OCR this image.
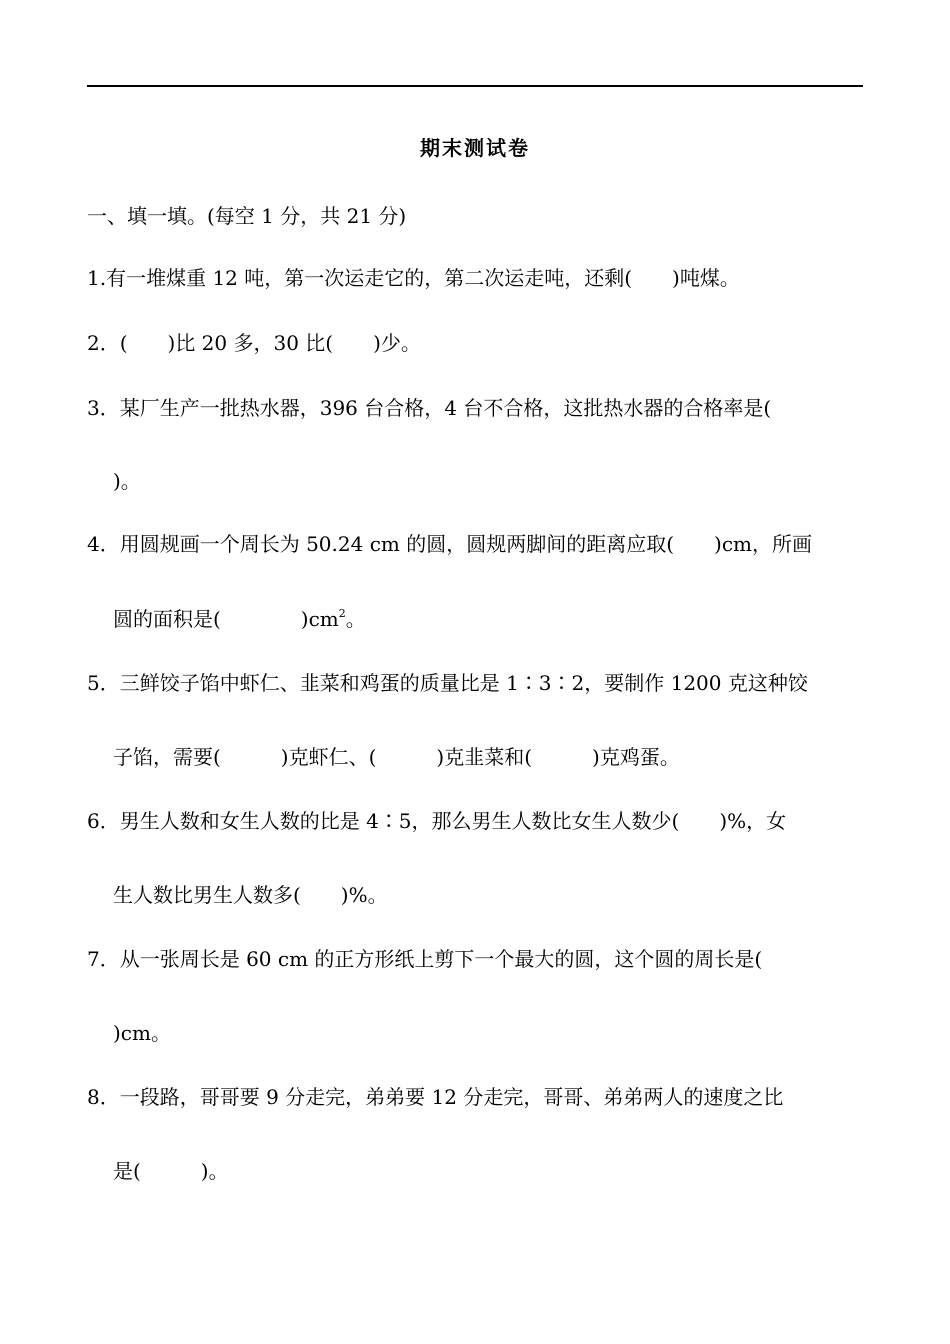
期末测试卷
一、填一填。(每空 1 分，共 21 分)
1.有一堆煤重 12 吨，第一次运走它的，第二次运走吨，还剩(　　)吨煤。
2．(　　)比 20 多，30 比(　　)少。
3．某厂生产一批热水器，396 台合格，4 台不合格，这批热水器的合格率是(
)。
4．用圆规画一个周长为 50.24 cm 的圆，圆规两脚间的距离应取(　　)cm，所画
圆的面积是(　　　　)$cm^2$。
5．三鲜饺子馅中虾仁、韭菜和鸡蛋的质量比是 1∶3∶2，要制作 1200 克这种饺
子馅，需要(　　　)克虾仁、(　　　)克韭菜和(　　　)克鸡蛋。
6．男生人数和女生人数的比是 4∶5，那么男生人数比女生人数少(　　)%，女
生人数比男生人数多(　　)%。
7．从一张周长是 60 cm 的正方形纸上剪下一个最大的圆，这个圆的周长是(
)cm。
8．一段路，哥哥要 9 分走完，弟弟要 12 分走完，哥哥、弟弟两人的速度之比
是(　　　)。
